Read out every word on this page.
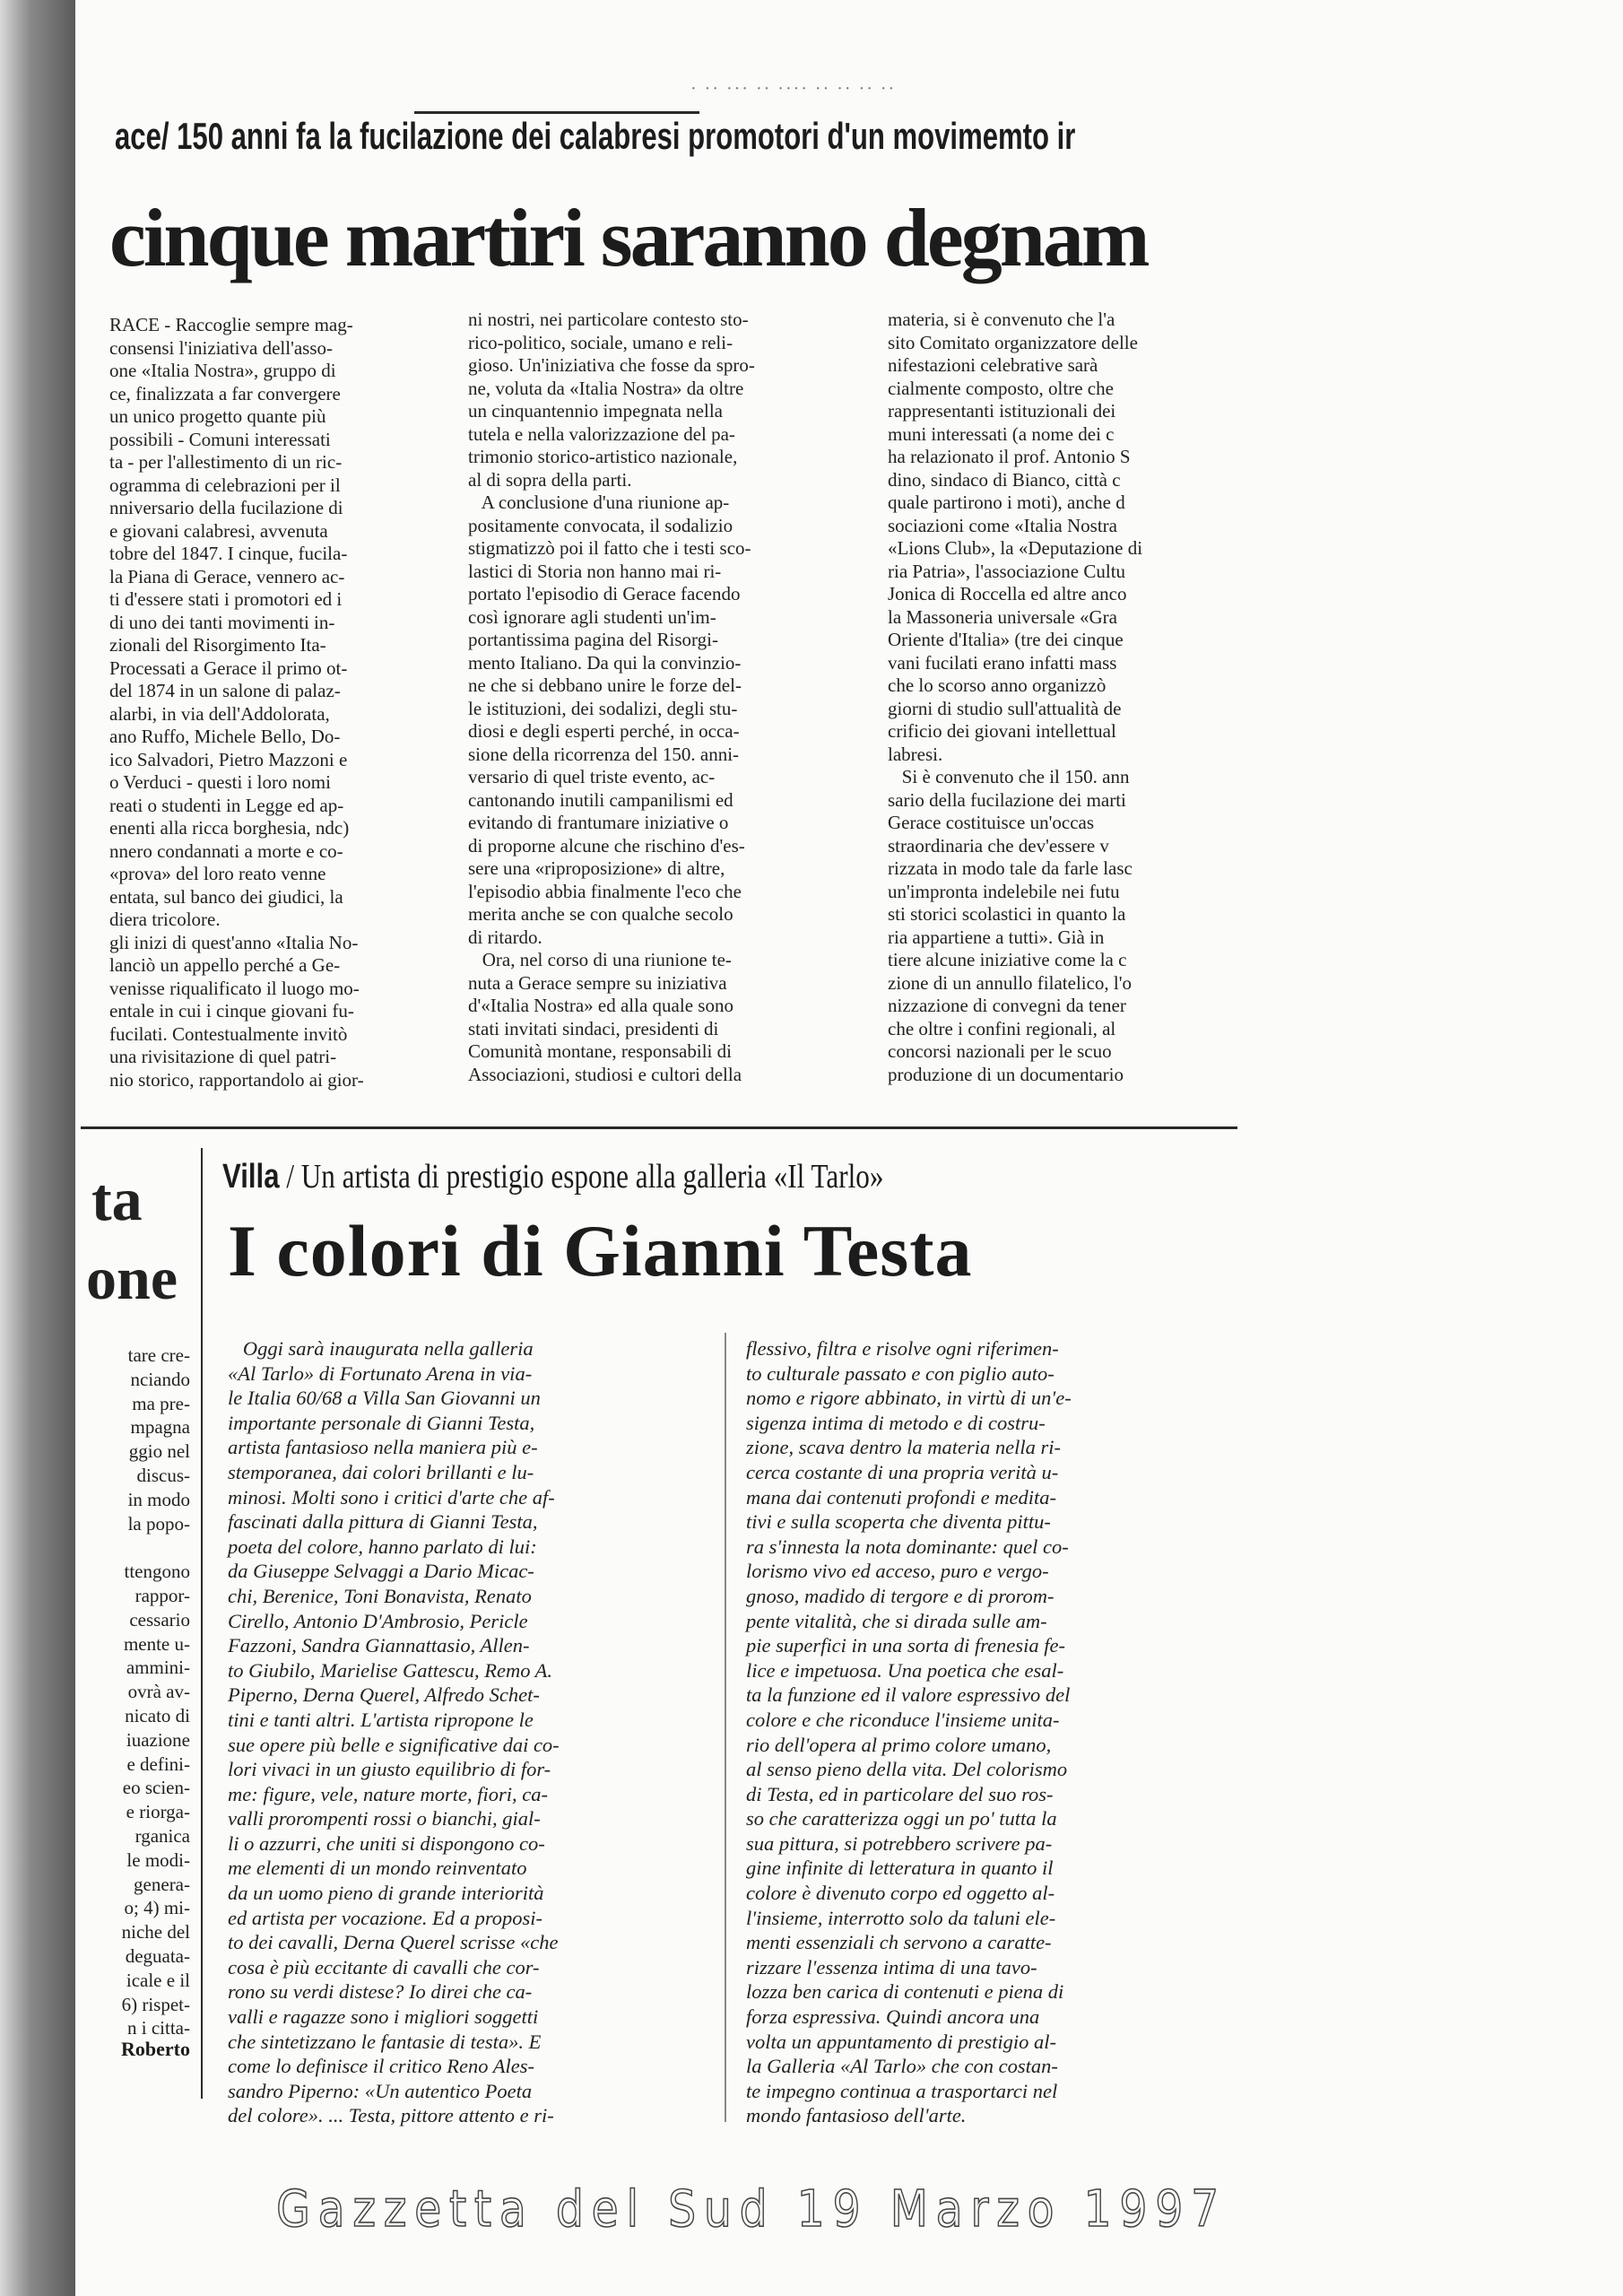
· ·· ··· ·· ···· ·· ·· ·· ··
ace/ 150 anni fa la fucilazione dei calabresi promotori d'un movimemto ir
cinque martiri saranno degnam
RACE - Raccoglie sempre mag-
consensi l'iniziativa dell'asso-
one «Italia Nostra», gruppo di
ce, finalizzata a far convergere
un unico progetto quante più
possibili - Comuni interessati
ta - per l'allestimento di un ric-
ogramma di celebrazioni per il
nniversario della fucilazione di
e giovani calabresi, avvenuta
tobre del 1847. I cinque, fucila-
la Piana di Gerace, vennero ac-
ti d'essere stati i promotori ed i
di uno dei tanti movimenti in-
zionali del Risorgimento Ita-
Processati a Gerace il primo ot-
del 1874 in un salone di palaz-
alarbi, in via dell'Addolorata,
ano Ruffo, Michele Bello, Do-
ico Salvadori, Pietro Mazzoni e
o Verduci - questi i loro nomi
reati o studenti in Legge ed ap-
enenti alla ricca borghesia, ndc)
nnero condannati a morte e co-
«prova» del loro reato venne
entata, sul banco dei giudici, la
diera tricolore.
gli inizi di quest'anno «Italia No-
lanciò un appello perché a Ge-
venisse riqualificato il luogo mo-
entale in cui i cinque giovani fu-
fucilati. Contestualmente invitò
una rivisitazione di quel patri-
nio storico, rapportandolo ai gior-
ni nostri, nei particolare contesto sto-
rico-politico, sociale, umano e reli-
gioso. Un'iniziativa che fosse da spro-
ne, voluta da «Italia Nostra» da oltre
un cinquantennio impegnata nella
tutela e nella valorizzazione del pa-
trimonio storico-artistico nazionale,
al di sopra della parti.
A conclusione d'una riunione ap-
positamente convocata, il sodalizio
stigmatizzò poi il fatto che i testi sco-
lastici di Storia non hanno mai ri-
portato l'episodio di Gerace facendo
così ignorare agli studenti un'im-
portantissima pagina del Risorgi-
mento Italiano. Da qui la convinzio-
ne che si debbano unire le forze del-
le istituzioni, dei sodalizi, degli stu-
diosi e degli esperti perché, in occa-
sione della ricorrenza del 150. anni-
versario di quel triste evento, ac-
cantonando inutili campanilismi ed
evitando di frantumare iniziative o
di proporne alcune che rischino d'es-
sere una «riproposizione» di altre,
l'episodio abbia finalmente l'eco che
merita anche se con qualche secolo
di ritardo.
Ora, nel corso di una riunione te-
nuta a Gerace sempre su iniziativa
d'«Italia Nostra» ed alla quale sono
stati invitati sindaci, presidenti di
Comunità montane, responsabili di
Associazioni, studiosi e cultori della
materia, si è convenuto che l'a
sito Comitato organizzatore delle
nifestazioni celebrative sarà
cialmente composto, oltre che
rappresentanti istituzionali dei
muni interessati (a nome dei c
ha relazionato il prof. Antonio S
dino, sindaco di Bianco, città c
quale partirono i moti), anche d
sociazioni come «Italia Nostra
«Lions Club», la «Deputazione di
ria Patria», l'associazione Cultu
Jonica di Roccella ed altre anco
la Massoneria universale «Gra
Oriente d'Italia» (tre dei cinque
vani fucilati erano infatti mass
che lo scorso anno organizzò
giorni di studio sull'attualità de
crificio dei giovani intellettual
labresi.
Si è convenuto che il 150. ann
sario della fucilazione dei marti
Gerace costituisce un'occas
straordinaria che dev'essere v
rizzata in modo tale da farle lasc
un'impronta indelebile nei futu
sti storici scolastici in quanto la
ria appartiene a tutti». Già in
tiere alcune iniziative come la c
zione di un annullo filatelico, l'o
nizzazione di convegni da tener
che oltre i confini regionali, al
concorsi nazionali per le scuo
produzione di un documentario
ta
one
tare cre-
nciando
ma pre-
mpagna
ggio nel
discus-
in modo
la popo-

ttengono
rappor-
cessario
mente u-
ammini-
ovrà av-
nicato di
iuazione
e defini-
eo scien-
e riorga-
rganica
le modi-
genera-
o; 4) mi-
niche del
deguata-
icale e il
6) rispet-
n i citta-
Roberto
Villa / Un artista di prestigio espone alla galleria «Il Tarlo»
I colori di Gianni Testa
Oggi sarà inaugurata nella galleria
«Al Tarlo» di Fortunato Arena in via-
le Italia 60/68 a Villa San Giovanni un
importante personale di Gianni Testa,
artista fantasioso nella maniera più e-
stemporanea, dai colori brillanti e lu-
minosi. Molti sono i critici d'arte che af-
fascinati dalla pittura di Gianni Testa,
poeta del colore, hanno parlato di lui:
da Giuseppe Selvaggi a Dario Micac-
chi, Berenice, Toni Bonavista, Renato
Cirello, Antonio D'Ambrosio, Pericle
Fazzoni, Sandra Giannattasio, Allen-
to Giubilo, Marielise Gattescu, Remo A.
Piperno, Derna Querel, Alfredo Schet-
tini e tanti altri. L'artista ripropone le
sue opere più belle e significative dai co-
lori vivaci in un giusto equilibrio di for-
me: figure, vele, nature morte, fiori, ca-
valli prorompenti rossi o bianchi, gial-
li o azzurri, che uniti si dispongono co-
me elementi di un mondo reinventato
da un uomo pieno di grande interiorità
ed artista per vocazione. Ed a proposi-
to dei cavalli, Derna Querel scrisse «che
cosa è più eccitante di cavalli che cor-
rono su verdi distese? Io direi che ca-
valli e ragazze sono i migliori soggetti
che sintetizzano le fantasie di testa». E
come lo definisce il critico Reno Ales-
sandro Piperno: «Un autentico Poeta
del colore». ... Testa, pittore attento e ri-
flessivo, filtra e risolve ogni riferimen-
to culturale passato e con piglio auto-
nomo e rigore abbinato, in virtù di un'e-
sigenza intima di metodo e di costru-
zione, scava dentro la materia nella ri-
cerca costante di una propria verità u-
mana dai contenuti profondi e medita-
tivi e sulla scoperta che diventa pittu-
ra s'innesta la nota dominante: quel co-
lorismo vivo ed acceso, puro e vergo-
gnoso, madido di tergore e di prorom-
pente vitalità, che si dirada sulle am-
pie superfici in una sorta di frenesia fe-
lice e impetuosa. Una poetica che esal-
ta la funzione ed il valore espressivo del
colore e che riconduce l'insieme unita-
rio dell'opera al primo colore umano,
al senso pieno della vita. Del colorismo
di Testa, ed in particolare del suo ros-
so che caratterizza oggi un po' tutta la
sua pittura, si potrebbero scrivere pa-
gine infinite di letteratura in quanto il
colore è divenuto corpo ed oggetto al-
l'insieme, interrotto solo da taluni ele-
menti essenziali ch servono a caratte-
rizzare l'essenza intima di una tavo-
lozza ben carica di contenuti e piena di
forza espressiva. Quindi ancora una
volta un appuntamento di prestigio al-
la Galleria «Al Tarlo» che con costan-
te impegno continua a trasportarci nel
mondo fantasioso dell'arte.
Gazzetta del Sud 19 Marzo 1997
